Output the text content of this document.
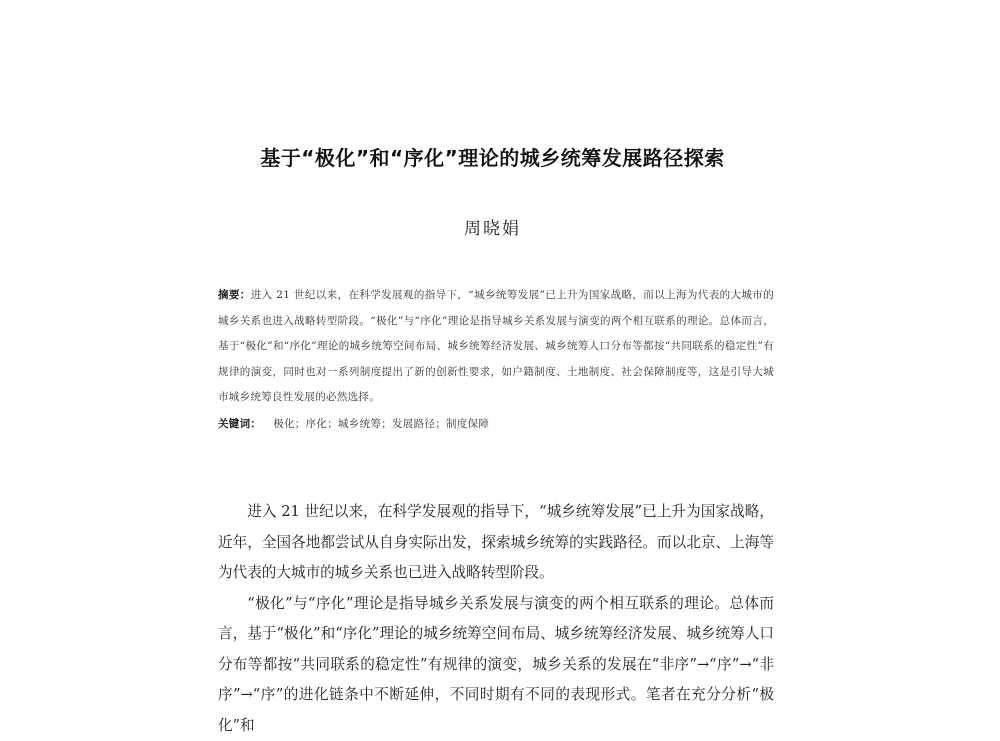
基于“极化”和“序化”理论的城乡统筹发展路径探索
周晓娟
摘要：进入 21 世纪以来，在科学发展观的指导下，“城乡统筹发展”已上升为国家战略，而以上海为代表的大城市的城乡关系也进入战略转型阶段。“极化”与“序化”理论是指导城乡关系发展与演变的两个相互联系的理论。总体而言，基于“极化”和“序化”理论的城乡统筹空间布局、城乡统筹经济发展、城乡统筹人口分布等都按“共同联系的稳定性”有规律的演变，同时也对一系列制度提出了新的创新性要求，如户籍制度、土地制度、社会保障制度等，这是引导大城市城乡统筹良性发展的必然选择。
关键词： 极化；序化；城乡统筹；发展路径；制度保障

进入 21 世纪以来，在科学发展观的指导下，“城乡统筹发展”已上升为国家战略，近年，全国各地都尝试从自身实际出发，探索城乡统筹的实践路径。而以北京、上海等为代表的大城市的城乡关系也已进入战略转型阶段。

“极化”与“序化”理论是指导城乡关系发展与演变的两个相互联系的理论。总体而言，基于“极化”和“序化”理论的城乡统筹空间布局、城乡统筹经济发展、城乡统筹人口分布等都按“共同联系的稳定性”有规律的演变，城乡关系的发展在“非序”→“序”→“非序”→“序”的进化链条中不断延伸，不同时期有不同的表现形式。笔者在充分分析“极化”和
